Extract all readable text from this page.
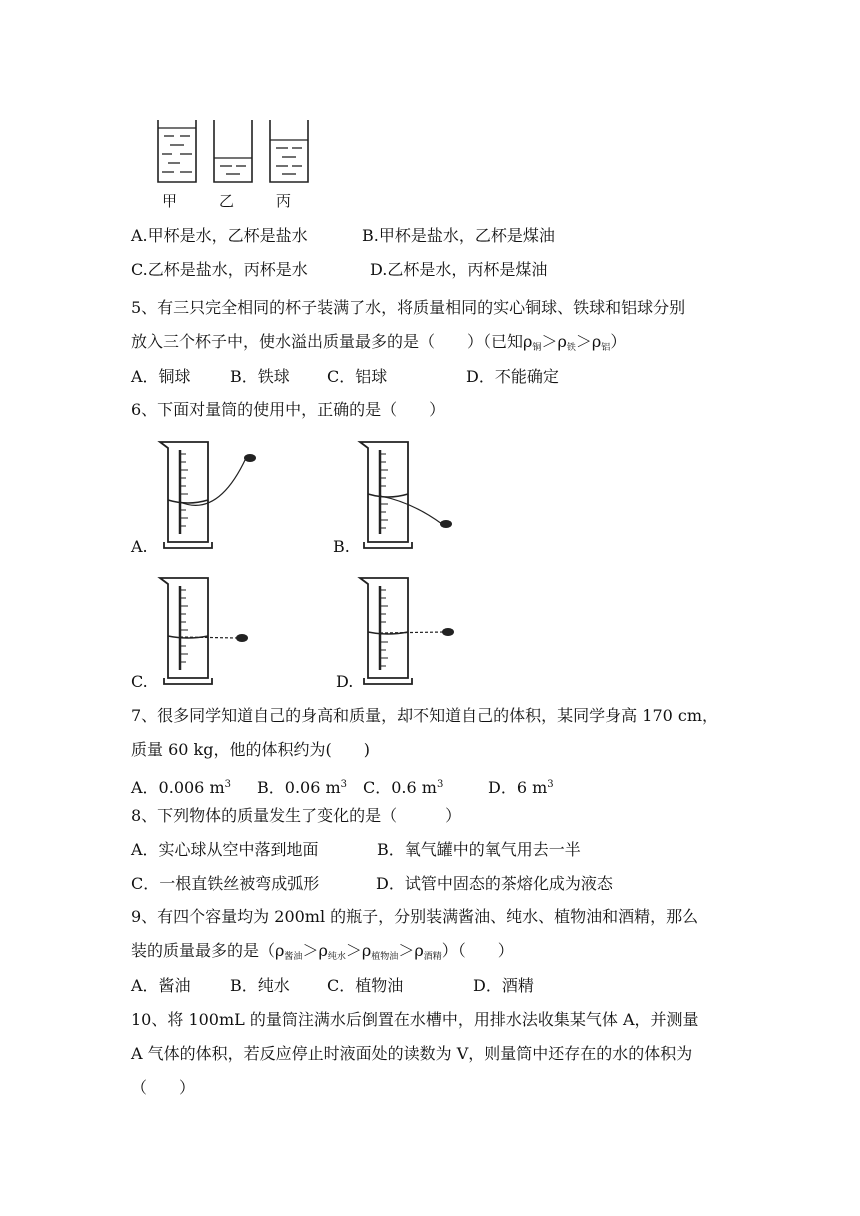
甲	乙	丙
A.甲杯是水，乙杯是盐水	B.甲杯是盐水，乙杯是煤油
C.乙杯是盐水，丙杯是水	D.乙杯是水，丙杯是煤油
5、有三只完全相同的杯子装满了水，将质量相同的实心铜球、铁球和铝球分别
放入三个杯子中，使水溢出质量最多的是（　　）（已知$\rho_铜>\rho_铁>\rho_铝$）
A．铜球 B．铁球 C．铝球	D．不能确定
6、下面对量筒的使用中，正确的是（　　）
A.	B.
C.	D.
7、很多同学知道自己的身高和质量，却不知道自己的体积，某同学身高 170 cm，
质量 60 kg，他的体积约为(　　)
A．0.006 $m^3$ B．0.06 $m^3$ C．0.6 $m^3$	D．6 $m^3$
8、下列物体的质量发生了变化的是（　　　）
A．实心球从空中落到地面	B．氧气罐中的氧气用去一半
C．一根直铁丝被弯成弧形	D．试管中固态的茶熔化成为液态
9、有四个容量均为 200ml 的瓶子，分别装满酱油、纯水、植物油和酒精，那么
装的质量最多的是$(\rho_{酱油}>\rho_{纯水}>\rho_{植物油}>\rho_{酒精})$（　　）
A．酱油 B．纯水 C．植物油	D．酒精
10、将 100mL 的量筒注满水后倒置在水槽中，用排水法收集某气体 A，并测量
A 气体的体积，若反应停止时液面处的读数为 V，则量筒中还存在的水的体积为
（　　）
